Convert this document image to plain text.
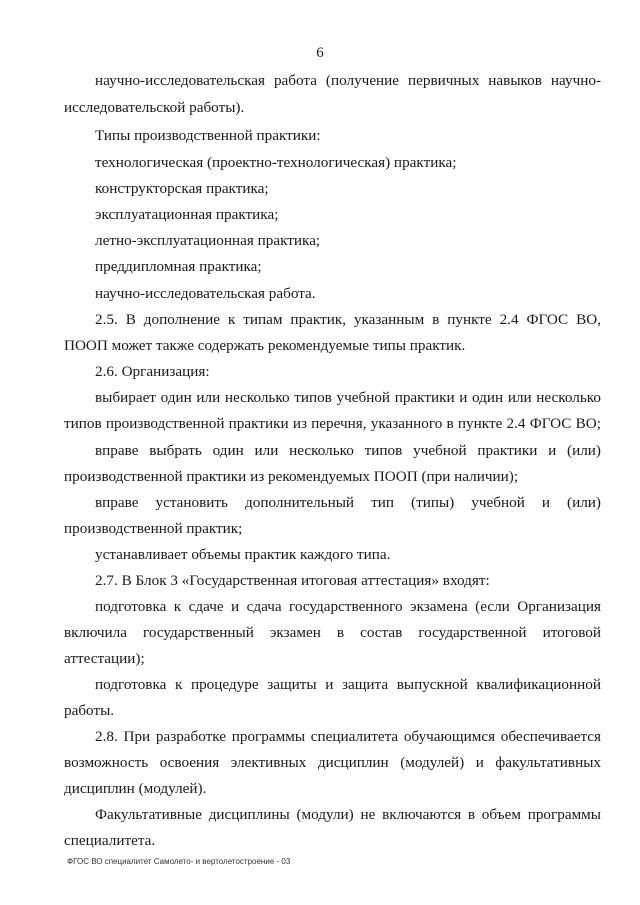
6
научно-исследовательская работа (получение первичных навыков научно-
исследовательской работы).
Типы производственной практики:
технологическая (проектно-технологическая) практика;
конструкторская практика;
эксплуатационная практика;
летно-эксплуатационная практика;
преддипломная практика;
научно-исследовательская работа.
2.5. В дополнение к типам практик, указанным в пункте 2.4 ФГОС ВО,
ПООП может также содержать рекомендуемые типы практик.
2.6. Организация:
выбирает один или несколько типов учебной практики и один или несколько
типов производственной практики из перечня, указанного в пункте 2.4 ФГОС ВО;
вправе выбрать один или несколько типов учебной практики и (или)
производственной практики из рекомендуемых ПООП (при наличии);
вправе установить дополнительный тип (типы) учебной и (или)
производственной практик;
устанавливает объемы практик каждого типа.
2.7. В Блок 3 «Государственная итоговая аттестация» входят:
подготовка к сдаче и сдача государственного экзамена (если Организация
включила государственный экзамен в состав государственной итоговой
аттестации);
подготовка к процедуре защиты и защита выпускной квалификационной
работы.
2.8. При разработке программы специалитета обучающимся обеспечивается
возможность освоения элективных дисциплин (модулей) и факультативных
дисциплин (модулей).
Факультативные дисциплины (модули) не включаются в объем программы
специалитета.
ФГОС ВО специалитет Самолето- и вертолетостроение - 03
